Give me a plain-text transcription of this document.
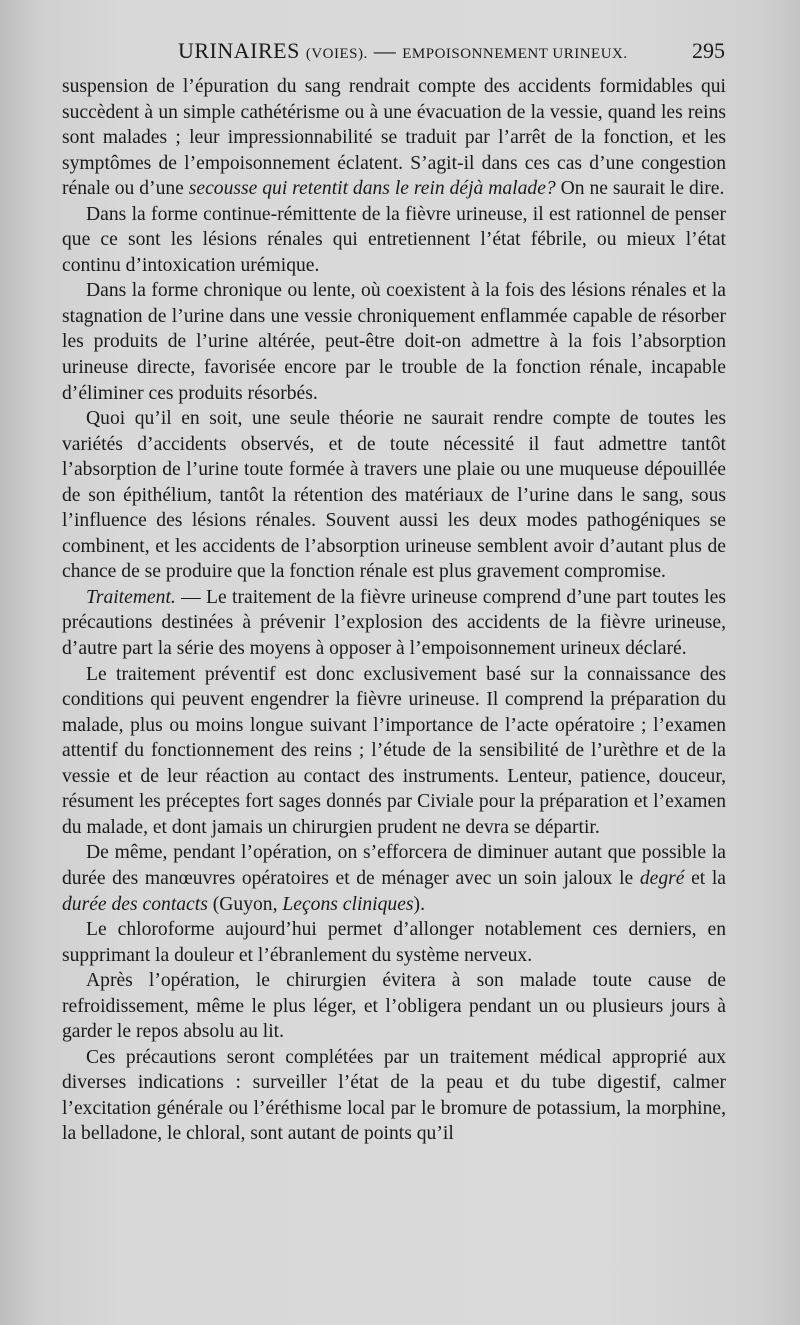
URINAIRES (VOIES). — EMPOISONNEMENT URINEUX.	295

suspension de l’épuration du sang rendrait compte des accidents formidables qui succèdent à un simple cathétérisme ou à une évacuation de la vessie, quand les reins sont malades ; leur impressionnabilité se traduit par l’arrêt de la fonction, et les symptômes de l’empoisonnement éclatent. S’agit-il dans ces cas d’une congestion rénale ou d’une secousse qui retentit dans le rein déjà malade? On ne saurait le dire.

Dans la forme continue-rémittente de la fièvre urineuse, il est rationnel de penser que ce sont les lésions rénales qui entretiennent l’état fébrile, ou mieux l’état continu d’intoxication urémique.

Dans la forme chronique ou lente, où coexistent à la fois des lésions rénales et la stagnation de l’urine dans une vessie chroniquement enflammée capable de résorber les produits de l’urine altérée, peut-être doit-on admettre à la fois l’absorption urineuse directe, favorisée encore par le trouble de la fonction rénale, incapable d’éliminer ces produits résorbés.

Quoi qu’il en soit, une seule théorie ne saurait rendre compte de toutes les variétés d’accidents observés, et de toute nécessité il faut admettre tantôt l’absorption de l’urine toute formée à travers une plaie ou une muqueuse dépouillée de son épithélium, tantôt la rétention des matériaux de l’urine dans le sang, sous l’influence des lésions rénales. Souvent aussi les deux modes pathogéniques se combinent, et les accidents de l’absorption urineuse semblent avoir d’autant plus de chance de se produire que la fonction rénale est plus gravement compromise.

Traitement. — Le traitement de la fièvre urineuse comprend d’une part toutes les précautions destinées à prévenir l’explosion des accidents de la fièvre urineuse, d’autre part la série des moyens à opposer à l’empoisonnement urineux déclaré.

Le traitement préventif est donc exclusivement basé sur la connaissance des conditions qui peuvent engendrer la fièvre urineuse. Il comprend la préparation du malade, plus ou moins longue suivant l’importance de l’acte opératoire ; l’examen attentif du fonctionnement des reins ; l’étude de la sensibilité de l’urèthre et de la vessie et de leur réaction au contact des instruments. Lenteur, patience, douceur, résument les préceptes fort sages donnés par Civiale pour la préparation et l’examen du malade, et dont jamais un chirurgien prudent ne devra se départir.

De même, pendant l’opération, on s’efforcera de diminuer autant que possible la durée des manœuvres opératoires et de ménager avec un soin jaloux le degré et la durée des contacts (Guyon, Leçons cliniques).

Le chloroforme aujourd’hui permet d’allonger notablement ces derniers, en supprimant la douleur et l’ébranlement du système nerveux.

Après l’opération, le chirurgien évitera à son malade toute cause de refroidissement, même le plus léger, et l’obligera pendant un ou plusieurs jours à garder le repos absolu au lit.

Ces précautions seront complétées par un traitement médical approprié aux diverses indications : surveiller l’état de la peau et du tube digestif, calmer l’excitation générale ou l’éréthisme local par le bromure de potassium, la morphine, la belladone, le chloral, sont autant de points qu’il
